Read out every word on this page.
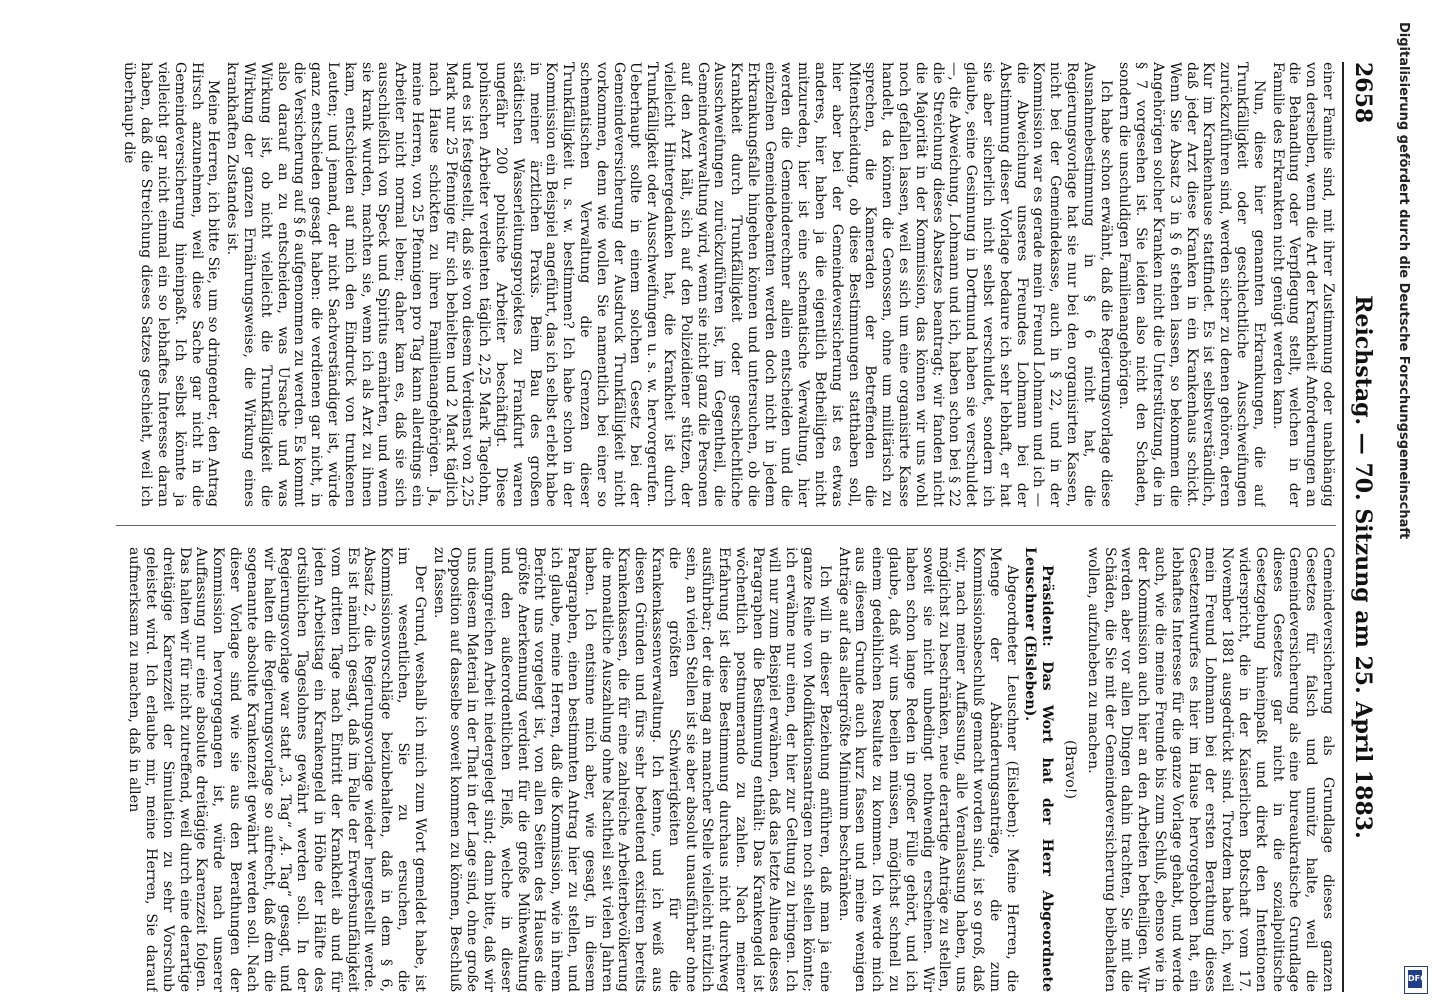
2658
Reichstag. — 70. Sitzung am 25. April 1883.

einer Familie sind, mit ihrer Zustimmung oder unabhängig von derselben, wenn die Art der Krankheit Anforderungen an die Behandlung oder Verpflegung stellt, welchen in der Familie des Erkrankten nicht genügt werden kann.

Nun, diese hier genannten Erkrankungen, die auf Trunkfälligkeit oder geschlechtliche Ausschweifungen zurückzuführen sind, werden sicher zu denen gehören, deren Kur im Krankenhause stattfindet. Es ist selbstverständlich, daß jeder Arzt diese Kranken in ein Krankenhaus schickt. Wenn Sie Absatz 3 in § 6 stehen lassen, so bekommen die Angehörigen solcher Kranken nicht die Unterstützung, die in § 7 vorgesehen ist. Sie leiden also nicht den Schaden, sondern die unschuldigen Familienangehörigen.

Ich habe schon erwähnt, daß die Regierungsvorlage diese Ausnahmebestimmung in § 6 nicht hat, die Regierungsvorlage hat sie nur bei den organisirten Kassen, nicht bei der Gemeindekasse, auch in § 22, und in der Kommission war es gerade mein Freund Lohmann und ich — die Abweichung unseres Freundes Lohmann bei der Abstimmung dieser Vorlage bedaure ich sehr lebhaft, er hat sie aber sicherlich nicht selbst verschuldet, sondern ich glaube, seine Gesinnung in Dortmund haben sie verschuldet —, die Abweichung, Lohmann und ich, haben schon bei § 22 die Streichung dieses Absatzes beantragt; wir fanden nicht die Majorität in der Kommission, das können wir uns wohl noch gefallen lassen, weil es sich um eine organisirte Kasse handelt, da können die Genossen, ohne um militärisch zu sprechen, die Kameraden der Betreffenden die Mitentscheidung, ob diese Bestimmungen statthaben soll, hier aber bei der Gemeindeversicherung ist es etwas anderes, hier haben ja die eigentlich Betheiligten nicht mitzureden, hier ist eine schematische Verwaltung, hier werden die Gemeinderechner allein entscheiden und die einzelnen Gemeindebeamten werden doch nicht in jedem Erkrankungsfalle hingehen können und untersuchen, ob die Krankheit durch Trunkfälligkeit oder geschlechtliche Ausschweifungen zurückzuführen ist, im Gegentheil, die Gemeindeverwaltung wird, wenn sie nicht ganz die Personen auf den Arzt hält, sich auf den Polizeidiener stützen, der vielleicht Hintergedanken hat, die Krankheit ist durch Trunkfälligkeit oder Ausschweifungen u. s. w. hervorgerufen. Ueberhaupt sollte in einem solchen Gesetz bei der Gemeindeversicherung der Ausdruck Trunkfälligkeit nicht vorkommen, denn wie wollen Sie namentlich bei einer so schematischen Verwaltung die Grenzen dieser Trunkfälligkeit u. s. w. bestimmen? Ich habe schon in der Kommission ein Beispiel angeführt, das ich selbst erlebt habe in meiner ärztlichen Praxis. Beim Bau des großen städtischen Wasserleitungsprojektes zu Frankfurt waren ungefähr 200 polnische Arbeiter beschäftigt. Diese polnischen Arbeiter verdienten täglich 2,25 Mark Tagelohn, und es ist festgestellt, daß sie von diesem Verdienst von 2,25 Mark nur 25 Pfennige für sich behielten und 2 Mark täglich nach Hause schickten zu ihren Familienangehörigen. Ja, meine Herren, von 25 Pfennigen pro Tag kann allerdings ein Arbeiter nicht normal leben; daher kam es, daß sie sich ausschließlich von Speck und Spiritus ernährten, und wenn sie krank wurden, machten sie, wenn ich als Arzt zu ihnen kam, entschieden auf mich den Eindruck von trunkenen Leuten; und jemand, der nicht Sachverständiger ist, würde ganz entschieden gesagt haben: die verdienen gar nicht, in die Versicherung auf § 6 aufgenommen zu werden. Es kommt also darauf an zu entscheiden, was Ursache und was Wirkung ist, ob nicht vielleicht die Trunkfälligkeit die Wirkung der ganzen Ernährungsweise, die Wirkung eines krankhaften Zustandes ist.

Meine Herren, ich bitte Sie, um so dringender, den Antrag Hirsch anzunehmen, weil diese Sache gar nicht in die Gemeindeversicherung hineinpaßt. Ich selbst könnte ja vielleicht gar nicht einmal ein so lebhaftes Interesse daran haben, daß die Streichung dieses Satzes geschieht, weil ich überhaupt die

Gemeindeversicherung als Grundlage dieses ganzen Gesetzes für falsch und unnütz halte, weil die Gemeindeversicherung als eine bureaukratische Grundlage dieses Gesetzes gar nicht in die sozialpolitische Gesetzgebung hineinpaßt und direkt den Intentionen widerspricht, die in der Kaiserlichen Botschaft vom 17. November 1881 ausgedrückt sind. Trotzdem habe ich, weil mein Freund Lohmann bei der ersten Berathung dieses Gesetzentwurfes es hier im Hause hervorgehoben hat, ein lebhaftes Interesse für die ganze Vorlage gehabt, und werde auch, wie die meine Freunde bis zum Schluß, ebenso wie in der Kommission auch hier an den Arbeiten betheiligen. Wir werden aber vor allen Dingen dahin trachten, Sie mit die Schäden, die Sie mit der Gemeindeversicherung beibehalten wollen, aufzuheben zu machen.

(Bravo!)

Präsident: Das Wort hat der Herr Abgeordnete Leuschner (Eisleben).

Abgeordneter Leuschner (Eisleben): Meine Herren, die Menge der Abänderungsanträge, die zum Kommissionsbeschluß gemacht worden sind, ist so groß, daß wir, nach meiner Auffassung, alle Veranlassung haben, uns möglichst zu beschränken, neue derartige Anträge zu stellen, soweit sie nicht unbedingt nothwendig erscheinen. Wir haben schon lange Reden in großer Fülle gehört, und ich glaube, daß wir uns beeilen müssen, möglichst schnell zu einem gedeihlichen Resultate zu kommen. Ich werde mich aus diesem Grunde auch kurz fassen und meine wenigen Anträge auf das allergrößte Minimum beschränken.

Ich will in dieser Beziehung anführen, daß man ja eine ganze Reihe von Modifikationsanträgen noch stellen könnte; ich erwähne nur einen, der hier zur Geltung zu bringen. Ich will nur zum Beispiel erwähnen, daß das letzte Alinea dieses Paragraphen die Bestimmung enthält: Das Krankengeld ist wöchentlich postnumerando zu zahlen. Nach meiner Erfahrung ist diese Bestimmung durchaus nicht durchweg ausführbar; der die mag an mancher Stelle vielleicht nützlich sein, an vielen Stellen ist sie aber absolut unausführbar ohne die größten Schwierigkeiten für die Krankenkassenverwaltung. Ich kenne, und ich weiß aus diesen Gründen und fürs sehr bedeutend existiren bereits Krankenkassen, die für eine zahlreiche Arbeiterbevölkerung die monatliche Auszahlung ohne Nachtheil seit vielen Jahren haben. Ich entsinne mich aber, wie gesagt, in diesem Paragraphen, einen bestimmten Antrag hier zu stellen, und ich glaube, meine Herren, daß die Kommission, wie in ihrem Bericht uns vorgelegt ist, von allen Seiten des Hauses die größte Anerkennung verdient für die große Mühewaltung und den außerordentlichen Fleiß, welche in dieser umfangreichen Arbeit niedergelegt sind; dann bitte, daß wir uns diesem Material in der That in der Lage sind, ohne große Opposition auf dasselbe soweit kommen zu können, Beschluß zu fassen.

Der Grund, weshalb ich mich zum Wort gemeldet habe, ist im wesentlichen, Sie zu ersuchen, die Kommissionsvorschläge beizubehalten, daß in dem § 6, Absatz 2, die Regierungsvorlage wieder hergestellt werde. Es ist nämlich gesagt, daß im Falle der Erwerbsunfähigkeit vom dritten Tage nach Eintritt der Krankheit ab und für jeden Arbeitstag ein Krankengeld in Höhe der Hälfte des ortsüblichen Tageslohnes gewährt werden soll. In der Regierungsvorlage war statt „3. Tag“ „4. Tag“ gesagt, und wir halten die Regierungsvorlage so aufrecht, daß dem die sogenannte absolute Krankenzeit gewährt werden soll. Nach dieser Vorlage sind wie sie aus den Berathungen der Kommission hervorgegangen ist, würde nach unserer Auffassung nur eine absolute dreitägige Karenzzeit folgen. Das halten wir für nicht zutreffend, weil durch eine derartige dreitägige Karenzzeit der Simulation zu sehr Vorschub geleistet wird. Ich erlaube mir, meine Herren, Sie darauf aufmerksam zu machen, daß in allen

Digitalisierung gefördert durch die Deutsche Forschungsgemeinschaft
DFG
